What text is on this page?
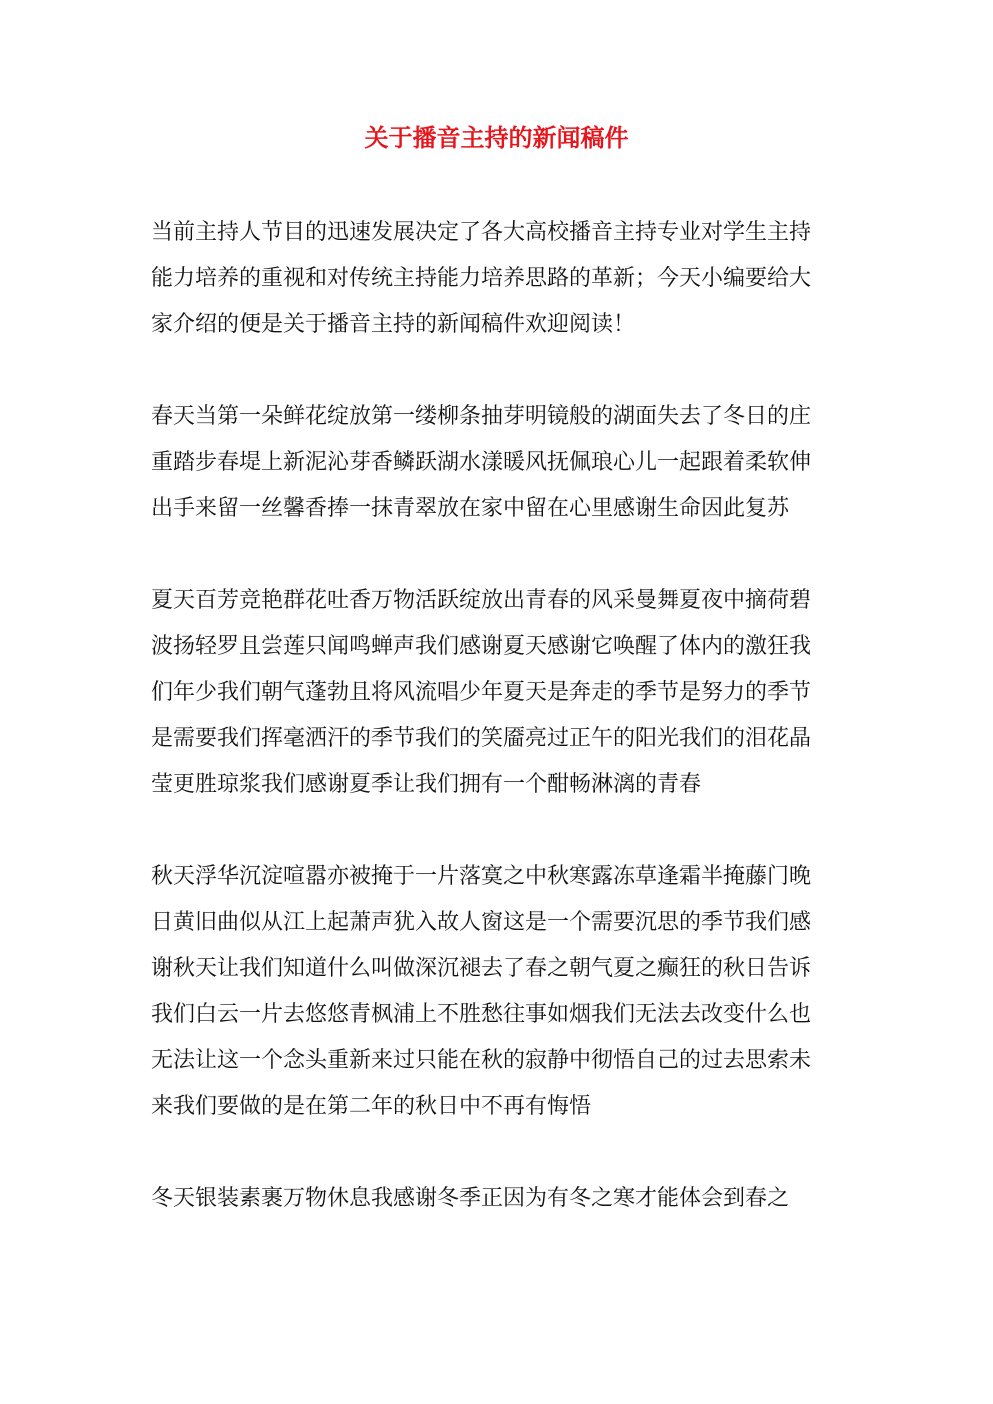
关于播音主持的新闻稿件

当前主持人节目的迅速发展决定了各大高校播音主持专业对学生主持能力培养的重视和对传统主持能力培养思路的革新；今天小编要给大家介绍的便是关于播音主持的新闻稿件欢迎阅读！

春天当第一朵鲜花绽放第一缕柳条抽芽明镜般的湖面失去了冬日的庄重踏步春堤上新泥沁芽香鳞跃湖水漾暖风抚佩琅心儿一起跟着柔软伸出手来留一丝馨香捧一抹青翠放在家中留在心里感谢生命因此复苏

夏天百芳竞艳群花吐香万物活跃绽放出青春的风采曼舞夏夜中摘荷碧波扬轻罗且尝莲只闻鸣蝉声我们感谢夏天感谢它唤醒了体内的激狂我们年少我们朝气蓬勃且将风流唱少年夏天是奔走的季节是努力的季节是需要我们挥毫洒汗的季节我们的笑靥亮过正午的阳光我们的泪花晶莹更胜琼浆我们感谢夏季让我们拥有一个酣畅淋漓的青春

秋天浮华沉淀喧嚣亦被掩于一片落寞之中秋寒露冻草逢霜半掩藤门晚日黄旧曲似从江上起萧声犹入故人窗这是一个需要沉思的季节我们感谢秋天让我们知道什么叫做深沉褪去了春之朝气夏之癫狂的秋日告诉我们白云一片去悠悠青枫浦上不胜愁往事如烟我们无法去改变什么也无法让这一个念头重新来过只能在秋的寂静中彻悟自己的过去思索未来我们要做的是在第二年的秋日中不再有悔悟

冬天银装素裹万物休息我感谢冬季正因为有冬之寒才能体会到春之
